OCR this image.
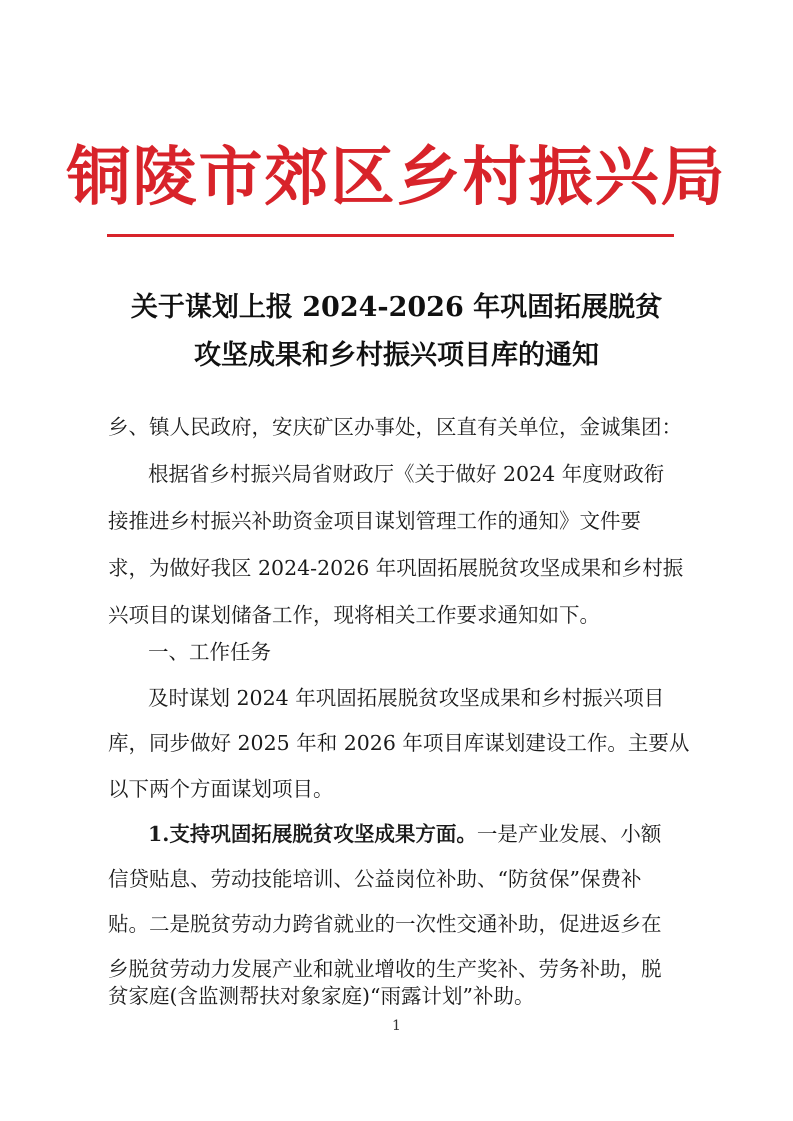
铜陵市郊区乡村振兴局
关于谋划上报 2024-2026 年巩固拓展脱贫
攻坚成果和乡村振兴项目库的通知
乡、镇人民政府，安庆矿区办事处，区直有关单位，金诚集团：
根据省乡村振兴局省财政厅《关于做好 2024 年度财政衔
接推进乡村振兴补助资金项目谋划管理工作的通知》文件要
求，为做好我区 2024-2026 年巩固拓展脱贫攻坚成果和乡村振
兴项目的谋划储备工作，现将相关工作要求通知如下。
一、工作任务
及时谋划 2024 年巩固拓展脱贫攻坚成果和乡村振兴项目
库，同步做好 2025 年和 2026 年项目库谋划建设工作。主要从
以下两个方面谋划项目。
1.支持巩固拓展脱贫攻坚成果方面。一是产业发展、小额
信贷贴息、劳动技能培训、公益岗位补助、“防贫保”保费补
贴。二是脱贫劳动力跨省就业的一次性交通补助，促进返乡在
乡脱贫劳动力发展产业和就业增收的生产奖补、劳务补助，脱
贫家庭(含监测帮扶对象家庭)“雨露计划”补助。
1
